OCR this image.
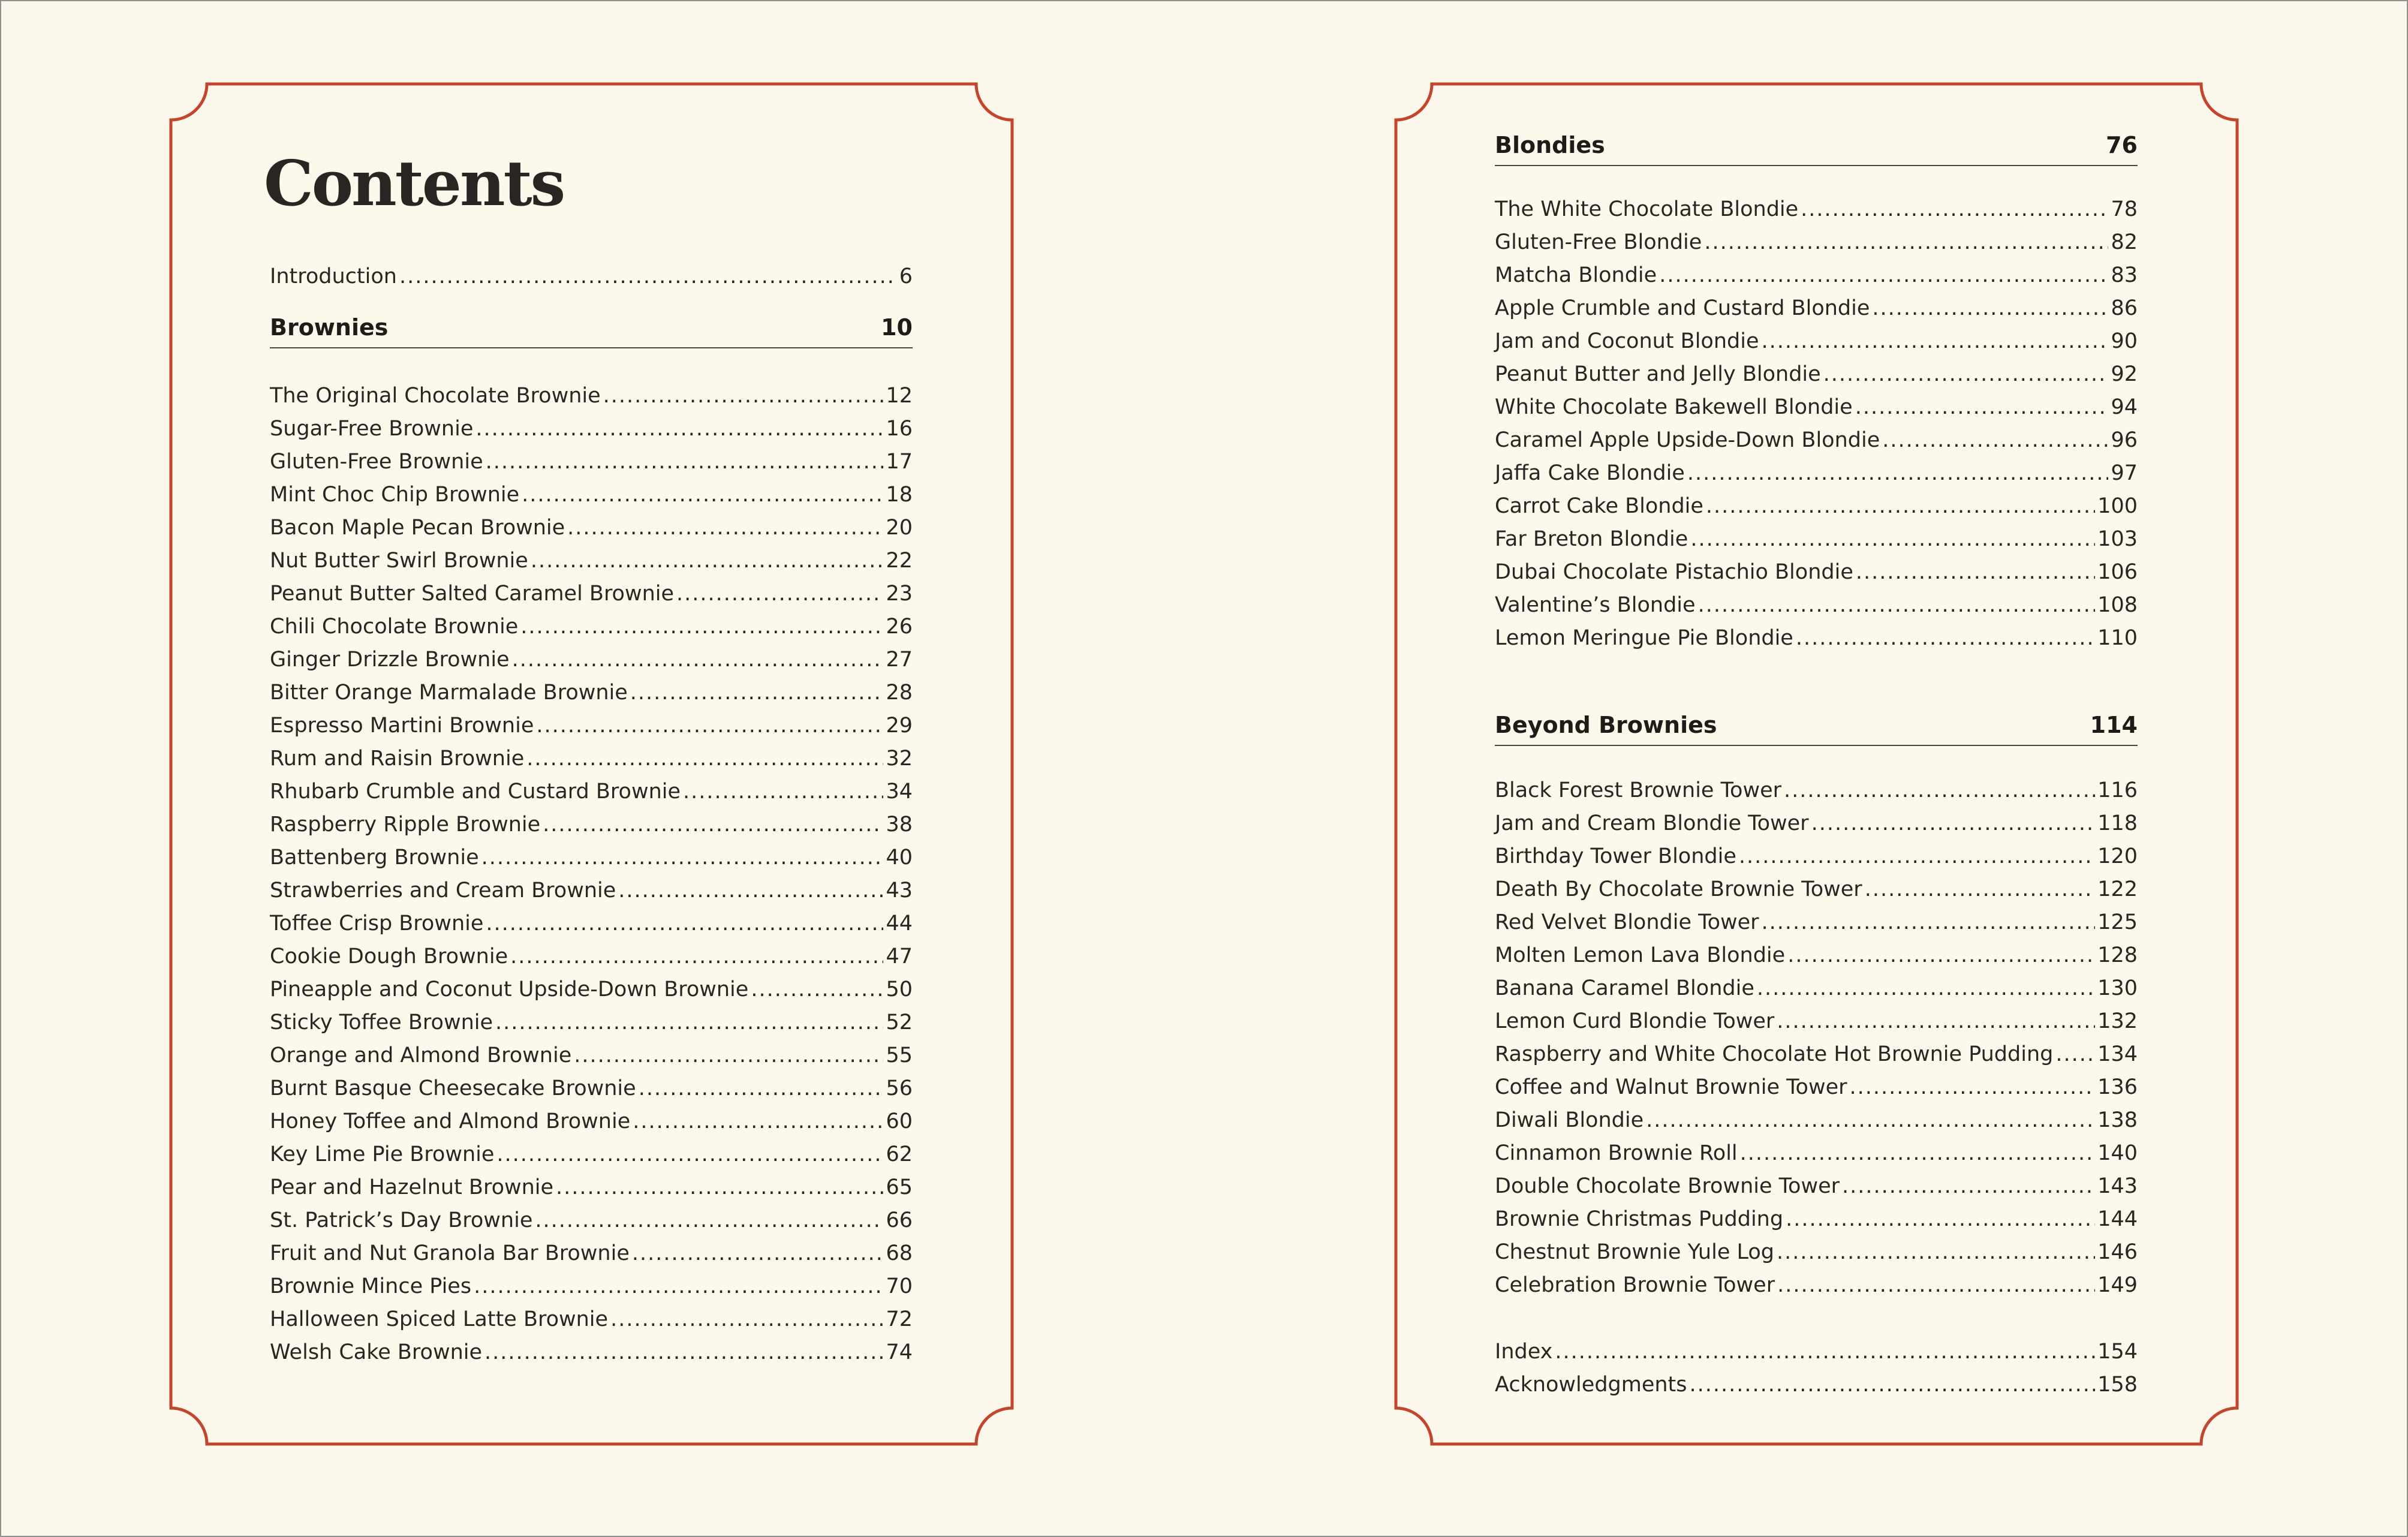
Contents
Introduction .....	6
Brownies	10
The Original Chocolate Brownie .....	12
Sugar-Free Brownie .....	16
Gluten-Free Brownie .....	17
Mint Choc Chip Brownie .....	18
Bacon Maple Pecan Brownie .....	20
Nut Butter Swirl Brownie .....	22
Peanut Butter Salted Caramel Brownie .....	23
Chili Chocolate Brownie .....	26
Ginger Drizzle Brownie .....	27
Bitter Orange Marmalade Brownie .....	28
Espresso Martini Brownie .....	29
Rum and Raisin Brownie .....	32
Rhubarb Crumble and Custard Brownie .....	34
Raspberry Ripple Brownie .....	38
Battenberg Brownie .....	40
Strawberries and Cream Brownie .....	43
Toffee Crisp Brownie .....	44
Cookie Dough Brownie .....	47
Pineapple and Coconut Upside-Down Brownie .....	50
Sticky Toffee Brownie .....	52
Orange and Almond Brownie .....	55
Burnt Basque Cheesecake Brownie .....	56
Honey Toffee and Almond Brownie .....	60
Key Lime Pie Brownie .....	62
Pear and Hazelnut Brownie .....	65
St. Patrick’s Day Brownie .....	66
Fruit and Nut Granola Bar Brownie .....	68
Brownie Mince Pies .....	70
Halloween Spiced Latte Brownie .....	72
Welsh Cake Brownie .....	74
Blondies	76
The White Chocolate Blondie .....	78
Gluten-Free Blondie .....	82
Matcha Blondie .....	83
Apple Crumble and Custard Blondie .....	86
Jam and Coconut Blondie .....	90
Peanut Butter and Jelly Blondie .....	92
White Chocolate Bakewell Blondie .....	94
Caramel Apple Upside-Down Blondie .....	96
Jaffa Cake Blondie .....	97
Carrot Cake Blondie .....	100
Far Breton Blondie .....	103
Dubai Chocolate Pistachio Blondie .....	106
Valentine’s Blondie .....	108
Lemon Meringue Pie Blondie .....	110
Beyond Brownies	114
Black Forest Brownie Tower .....	116
Jam and Cream Blondie Tower .....	118
Birthday Tower Blondie .....	120
Death By Chocolate Brownie Tower .....	122
Red Velvet Blondie Tower .....	125
Molten Lemon Lava Blondie .....	128
Banana Caramel Blondie .....	130
Lemon Curd Blondie Tower .....	132
Raspberry and White Chocolate Hot Brownie Pudding ..... 134
Coffee and Walnut Brownie Tower .....	136
Diwali Blondie .....	138
Cinnamon Brownie Roll .....	140
Double Chocolate Brownie Tower .....	143
Brownie Christmas Pudding .....	144
Chestnut Brownie Yule Log .....	146
Celebration Brownie Tower .....	149
Index .....	154
Acknowledgments .....	158
